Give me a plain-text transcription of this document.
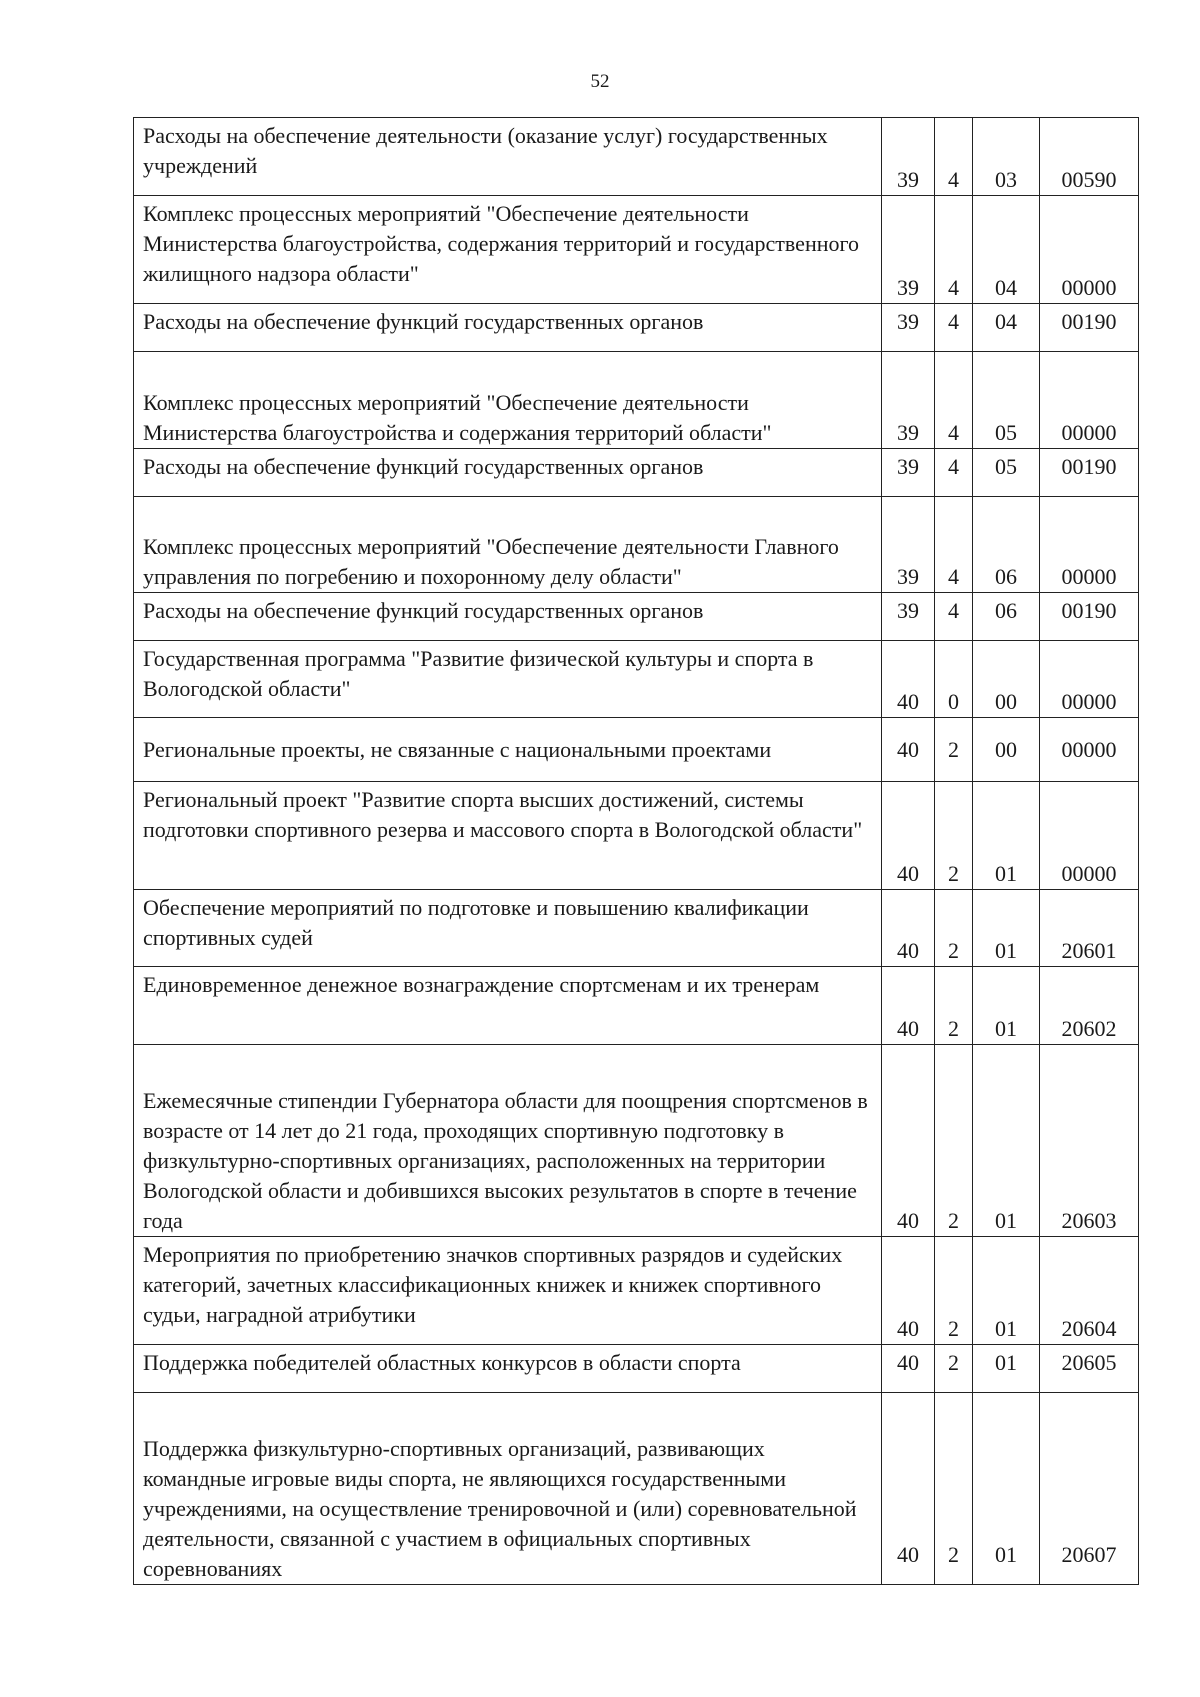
52
Расходы на обеспечение деятельности (оказание услуг) государственных учреждений	39	4	03	00590
Комплекс процессных мероприятий "Обеспечение деятельности Министерства благоустройства, содержания территорий и государственного жилищного надзора области"	39	4	04	00000
Расходы на обеспечение функций государственных органов	39	4	04	00190
Комплекс процессных мероприятий "Обеспечение деятельности Министерства благоустройства и содержания территорий области"	39	4	05	00000
Расходы на обеспечение функций государственных органов	39	4	05	00190
Комплекс процессных мероприятий "Обеспечение деятельности Главного управления по погребению и похоронному делу области"	39	4	06	00000
Расходы на обеспечение функций государственных органов	39	4	06	00190
Государственная программа "Развитие физической культуры и спорта в Вологодской области"	40	0	00	00000
Региональные проекты, не связанные с национальными проектами	40	2	00	00000
Региональный проект "Развитие спорта высших достижений, системы подготовки спортивного резерва и массового спорта в Вологодской области"	40	2	01	00000
Обеспечение мероприятий по подготовке и повышению квалификации спортивных судей	40	2	01	20601
Единовременное денежное вознаграждение спортсменам и их тренерам	40	2	01	20602
Ежемесячные стипендии Губернатора области для поощрения спортсменов в возрасте от 14 лет до 21 года, проходящих спортивную подготовку в физкультурно-спортивных организациях, расположенных на территории Вологодской области и добившихся высоких результатов в спорте в течение года	40	2	01	20603
Мероприятия по приобретению значков спортивных разрядов и судейских категорий, зачетных классификационных книжек и книжек спортивного судьи, наградной атрибутики	40	2	01	20604
Поддержка победителей областных конкурсов в области спорта	40	2	01	20605
Поддержка физкультурно-спортивных организаций, развивающих командные игровые виды спорта, не являющихся государственными учреждениями, на осуществление тренировочной и (или) соревновательной деятельности, связанной с участием в официальных спортивных соревнованиях	40	2	01	20607
